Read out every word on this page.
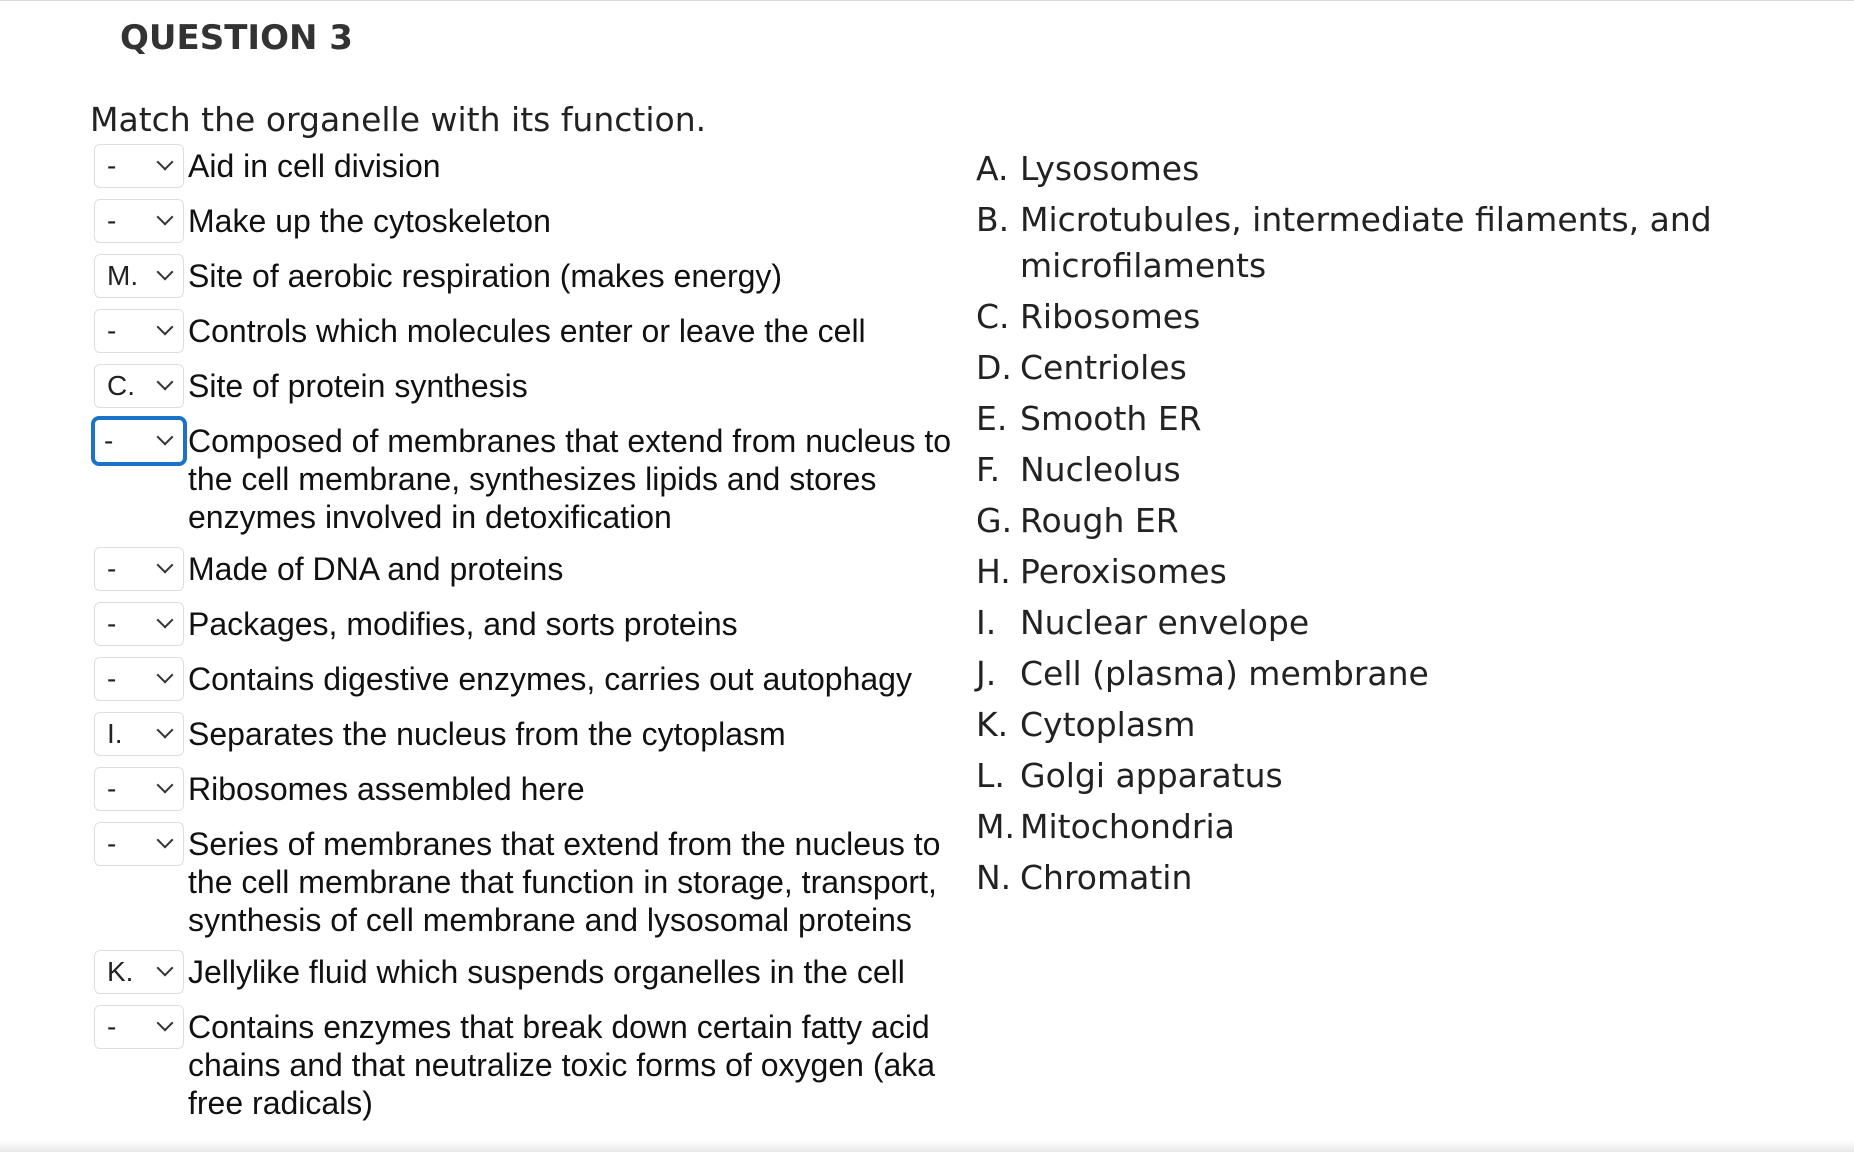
QUESTION 3
Match the organelle with its function.
- Aid in cell division
- Make up the cytoskeleton
M. Site of aerobic respiration (makes energy)
- Controls which molecules enter or leave the cell
C. Site of protein synthesis
- Composed of membranes that extend from nucleus to the cell membrane, synthesizes lipids and stores enzymes involved in detoxification
- Made of DNA and proteins
- Packages, modifies, and sorts proteins
- Contains digestive enzymes, carries out autophagy
I. Separates the nucleus from the cytoplasm
- Ribosomes assembled here
- Series of membranes that extend from the nucleus to the cell membrane that function in storage, transport, synthesis of cell membrane and lysosomal proteins
K. Jellylike fluid which suspends organelles in the cell
- Contains enzymes that break down certain fatty acid chains and that neutralize toxic forms of oxygen (aka free radicals)
A. Lysosomes
B. Microtubules, intermediate filaments, and microfilaments
C. Ribosomes
D. Centrioles
E. Smooth ER
F. Nucleolus
G. Rough ER
H. Peroxisomes
I. Nuclear envelope
J. Cell (plasma) membrane
K. Cytoplasm
L. Golgi apparatus
M. Mitochondria
N. Chromatin
